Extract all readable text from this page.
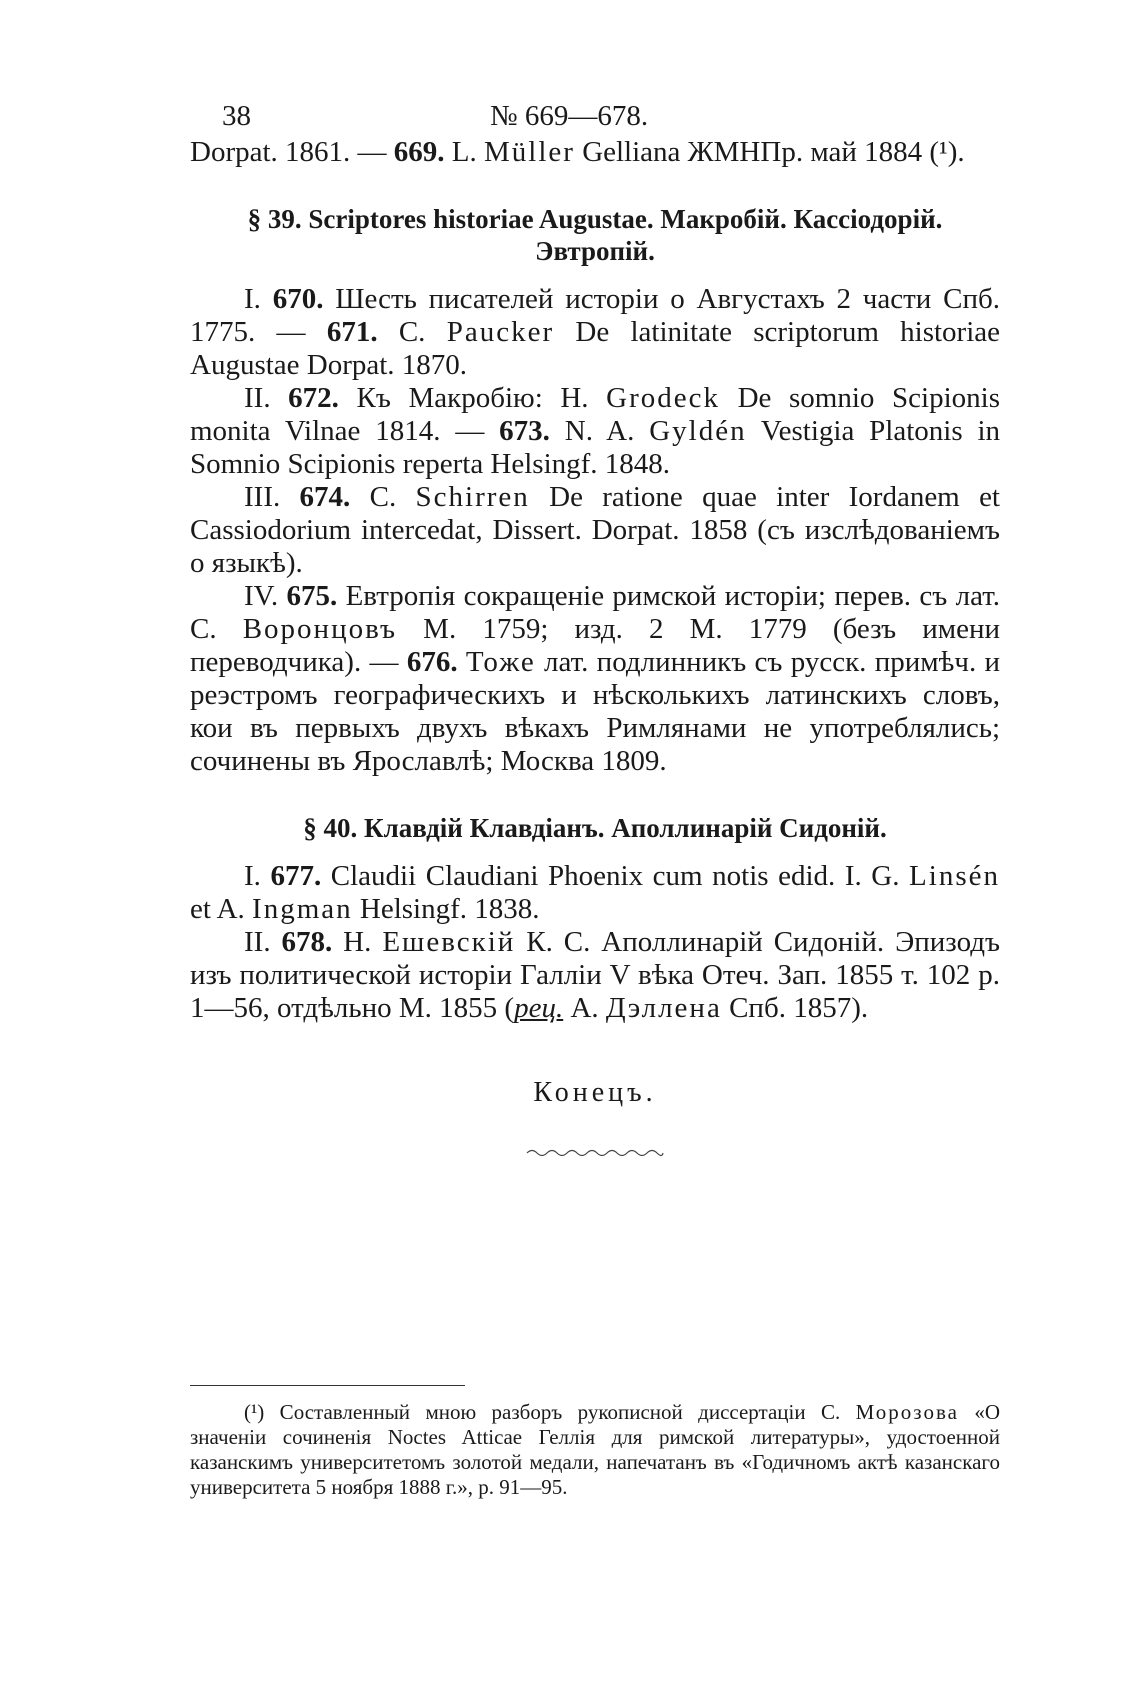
38	№ 669—678.

Dorpat. 1861. — 669. L. Müller Gelliana ЖМНПр. май 1884 (¹).

§ 39. Scriptores historiae Augustae. Макробій. Кассіодорій. Эвтропій.

I. 670. Шесть писателей исторіи о Августахъ 2 части Спб. 1775. — 671. C. Paucker De latinitate scriptorum historiae Augustae Dorpat. 1870.

II. 672. Къ Макробію: H. Grodeck De somnio Scipionis monita Vilnae 1814. — 673. N. A. Gyldén Vestigia Platonis in Somnio Scipionis reperta Helsingf. 1848.

III. 674. C. Schirren De ratione quae inter Iordanem et Cassiodorium intercedat, Dissert. Dorpat. 1858 (съ изслѣдованіемъ о языкѣ).

IV. 675. Евтропія сокращеніе римской исторіи; перев. съ лат. С. Воронцовъ М. 1759; изд. 2 М. 1779 (безъ имени переводчика). — 676. Тоже лат. подлинникъ съ русск. примѣч. и реэстромъ географическихъ и нѣсколькихъ латинскихъ словъ, кои въ первыхъ двухъ вѣкахъ Римлянами не употреблялись; сочинены въ Ярославлѣ; Москва 1809.

§ 40. Клавдій Клавдіанъ. Аполлинарій Сидоній.

I. 677. Claudii Claudiani Phoenix cum notis edid. I. G. Linsén et A. Ingman Helsingf. 1838.

II. 678. Н. Ешевскій К. С. Аполлинарій Сидоній. Эпизодъ изъ политической исторіи Галліи V вѣка Отеч. Зап. 1855 т. 102 р. 1—56, отдѣльно М. 1855 (рец. А. Дэллена Спб. 1857).

Конецъ.

(¹) Составленный мною разборъ рукописной диссертаціи С. Морозова «О значеніи сочиненія Noctes Atticae Геллія для римской литературы», удостоенной казанскимъ университетомъ золотой медали, напечатанъ въ «Годичномъ актѣ казанскаго университета 5 ноября 1888 г.», р. 91—95.
